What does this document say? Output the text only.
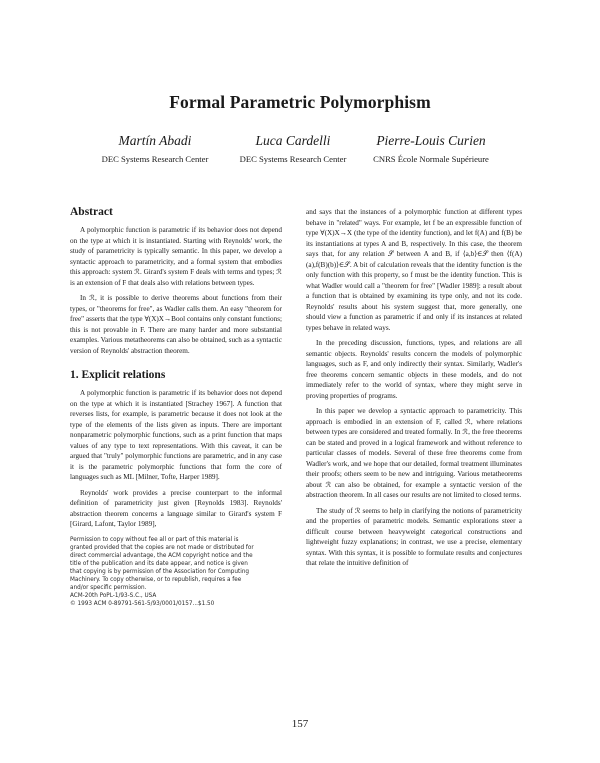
Formal Parametric Polymorphism
Martín Abadi
DEC Systems Research Center
Luca Cardelli
DEC Systems Research Center
Pierre-Louis Curien
CNRS École Normale Supérieure
Abstract

A polymorphic function is parametric if its behavior does not depend on the type at which it is instantiated. Starting with Reynolds' work, the study of parametricity is typically semantic. In this paper, we develop a syntactic approach to parametricity, and a formal system that embodies this approach: system ℛ. Girard's system F deals with terms and types; ℛ is an extension of F that deals also with relations between types.

In ℛ, it is possible to derive theorems about functions from their types, or "theorems for free", as Wadler calls them. An easy "theorem for free" asserts that the type ∀(X)X→Bool contains only constant functions; this is not provable in F. There are many harder and more substantial examples. Various metatheorems can also be obtained, such as a syntactic version of Reynolds' abstraction theorem.

1. Explicit relations

A polymorphic function is parametric if its behavior does not depend on the type at which it is instantiated [Strachey 1967]. A function that reverses lists, for example, is parametric because it does not look at the type of the elements of the lists given as inputs. There are important nonparametric polymorphic functions, such as a print function that maps values of any type to text representations. With this caveat, it can be argued that "truly" polymorphic functions are parametric, and in any case it is the parametric polymorphic functions that form the core of languages such as ML [Milner, Tofte, Harper 1989].

Reynolds' work provides a precise counterpart to the informal definition of parametricity just given [Reynolds 1983]. Reynolds' abstraction theorem concerns a language similar to Girard's system F [Girard, Lafont, Taylor 1989],

Permission to copy without fee all or part of this material is
granted provided that the copies are not made or distributed for
direct commercial advantage, the ACM copyright notice and the
title of the publication and its date appear, and notice is given
that copying is by permission of the Association for Computing
Machinery. To copy otherwise, or to republish, requires a fee
and/or specific permission.
ACM-20th PoPL-1/93-S.C., USA
© 1993 ACM 0-89791-561-5/93/0001/0157...$1.50

and says that the instances of a polymorphic function at different types behave in "related" ways. For example, let f be an expressible function of type ∀(X)X→X (the type of the identity function), and let f(A) and f(B) be its instantiations at types A and B, respectively. In this case, the theorem says that, for any relation 𝒮 between A and B, if ⟨a,b⟩∈𝒮 then ⟨f(A)(a),f(B)(b)⟩∈𝒮. A bit of calculation reveals that the identity function is the only function with this property, so f must be the identity function. This is what Wadler would call a "theorem for free" [Wadler 1989]: a result about a function that is obtained by examining its type only, and not its code. Reynolds' results about his system suggest that, more generally, one should view a function as parametric if and only if its instances at related types behave in related ways.

In the preceding discussion, functions, types, and relations are all semantic objects. Reynolds' results concern the models of polymorphic languages, such as F, and only indirectly their syntax. Similarly, Wadler's free theorems concern semantic objects in these models, and do not immediately refer to the world of syntax, where they might serve in proving properties of programs.

In this paper we develop a syntactic approach to parametricity. This approach is embodied in an extension of F, called ℛ, where relations between types are considered and treated formally. In ℛ, the free theorems can be stated and proved in a logical framework and without reference to particular classes of models. Several of these free theorems come from Wadler's work, and we hope that our detailed, formal treatment illuminates their proofs; others seem to be new and intriguing. Various metatheorems about ℛ can also be obtained, for example a syntactic version of the abstraction theorem. In all cases our results are not limited to closed terms.

The study of ℛ seems to help in clarifying the notions of parametricity and the properties of parametric models. Semantic explorations steer a difficult course between heavyweight categorical constructions and lightweight fuzzy explanations; in contrast, we use a precise, elementary syntax. With this syntax, it is possible to formulate results and conjectures that relate the intuitive definition of

157
